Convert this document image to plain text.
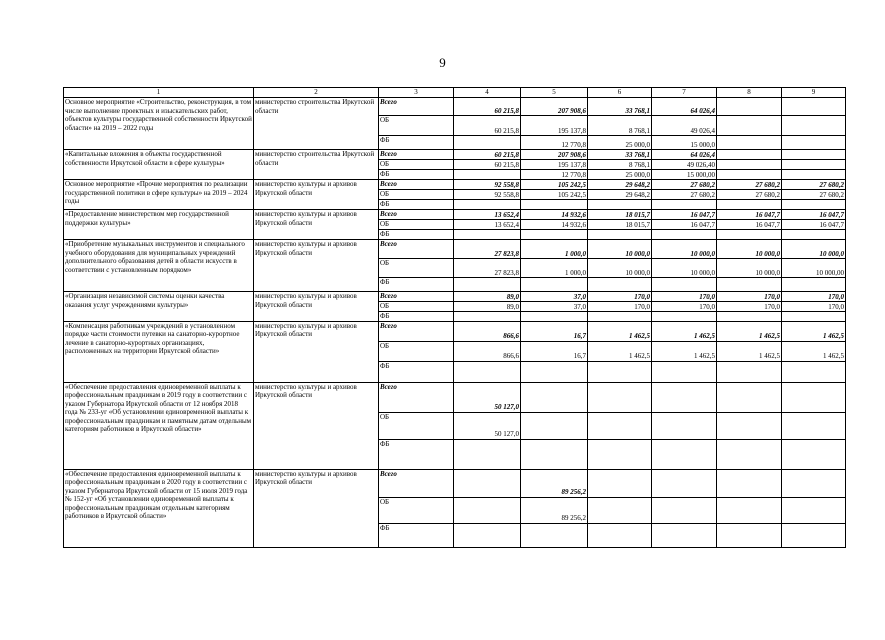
9
1	2	3	4	5	6	7	8	9
Основное мероприятие «Строительство, реконструкция, в том числе выполнение проектных и изыскательских работ, объектов культуры государственной собственности Иркутской области» на 2019 – 2022 годы	министерство строительства Иркутской области	Всего	60 215,8	207 908,6	33 768,1	64 026,4		
		ОБ	60 215,8	195 137,8	8 768,1	49 026,4		
		ФБ		12 770,8	25 000,0	15 000,0		
«Капитальные вложения в объекты государственной собственности Иркутской области в сфере культуры»	министерство строительства Иркутской области	Всего	60 215,8	207 908,6	33 768,1	64 026,4		
		ОБ	60 215,8	195 137,8	8 768,1	49 026,40		
		ФБ		12 770,8	25 000,0	15 000,00		
Основное мероприятие «Прочие мероприятия по реализации государственной политики в сфере культуры» на 2019 – 2024 годы	министерство культуры и архивов Иркутской области	Всего	92 558,8	105 242,5	29 648,2	27 680,2	27 680,2	27 680,2
		ОБ	92 558,8	105 242,5	29 648,2	27 680,2	27 680,2	27 680,2
		ФБ						
«Предоставление министерством мер государственной поддержки культуры»	министерство культуры и архивов Иркутской области	Всего	13 652,4	14 932,6	18 015,7	16 047,7	16 047,7	16 047,7
		ОБ	13 652,4	14 932,6	18 015,7	16 047,7	16 047,7	16 047,7
		ФБ						
«Приобретение музыкальных инструментов и специального учебного оборудования для муниципальных учреждений дополнительного образования детей в области искусств в соответствии с установленным порядком»	министерство культуры и архивов Иркутской области	Всего	27 823,8	1 000,0	10 000,0	10 000,0	10 000,0	10 000,0
		ОБ	27 823,8	1 000,0	10 000,0	10 000,0	10 000,0	10 000,00
		ФБ						
«Организация независимой системы оценки качества оказания услуг учреждениями культуры»	министерство культуры и архивов Иркутской области	Всего	89,0	37,0	170,0	170,0	170,0	170,0
		ОБ	89,0	37,0	170,0	170,0	170,0	170,0
		ФБ						
«Компенсация работникам учреждений в установленном порядке части стоимости путевки на санаторно-курортное лечение в санаторно-курортных организациях, расположенных на территории Иркутской области»	министерство культуры и архивов Иркутской области	Всего	866,6	16,7	1 462,5	1 462,5	1 462,5	1 462,5
		ОБ	866,6	16,7	1 462,5	1 462,5	1 462,5	1 462,5
		ФБ						
«Обеспечение предоставления единовременной выплаты к профессиональным праздникам в 2019 году в соответствии с указом Губернатора Иркутской области от 12 ноября 2018 года № 233-уг «Об установлении единовременной выплаты к профессиональным праздникам и памятным датам отдельным категориям работников в Иркутской области»	министерство культуры и архивов Иркутской области	Всего	50 127,0					
		ОБ	50 127,0					
		ФБ						
«Обеспечение предоставления единовременной выплаты к профессиональным праздникам в 2020 году в соответствии с указом Губернатора Иркутской области от 15 июля 2019 года № 152-уг «Об установлении единовременной выплаты к профессиональным праздникам отдельным категориям работников в Иркутской области»	министерство культуры и архивов Иркутской области	Всего		89 256,2				
		ОБ		89 256,2				
		ФБ						
